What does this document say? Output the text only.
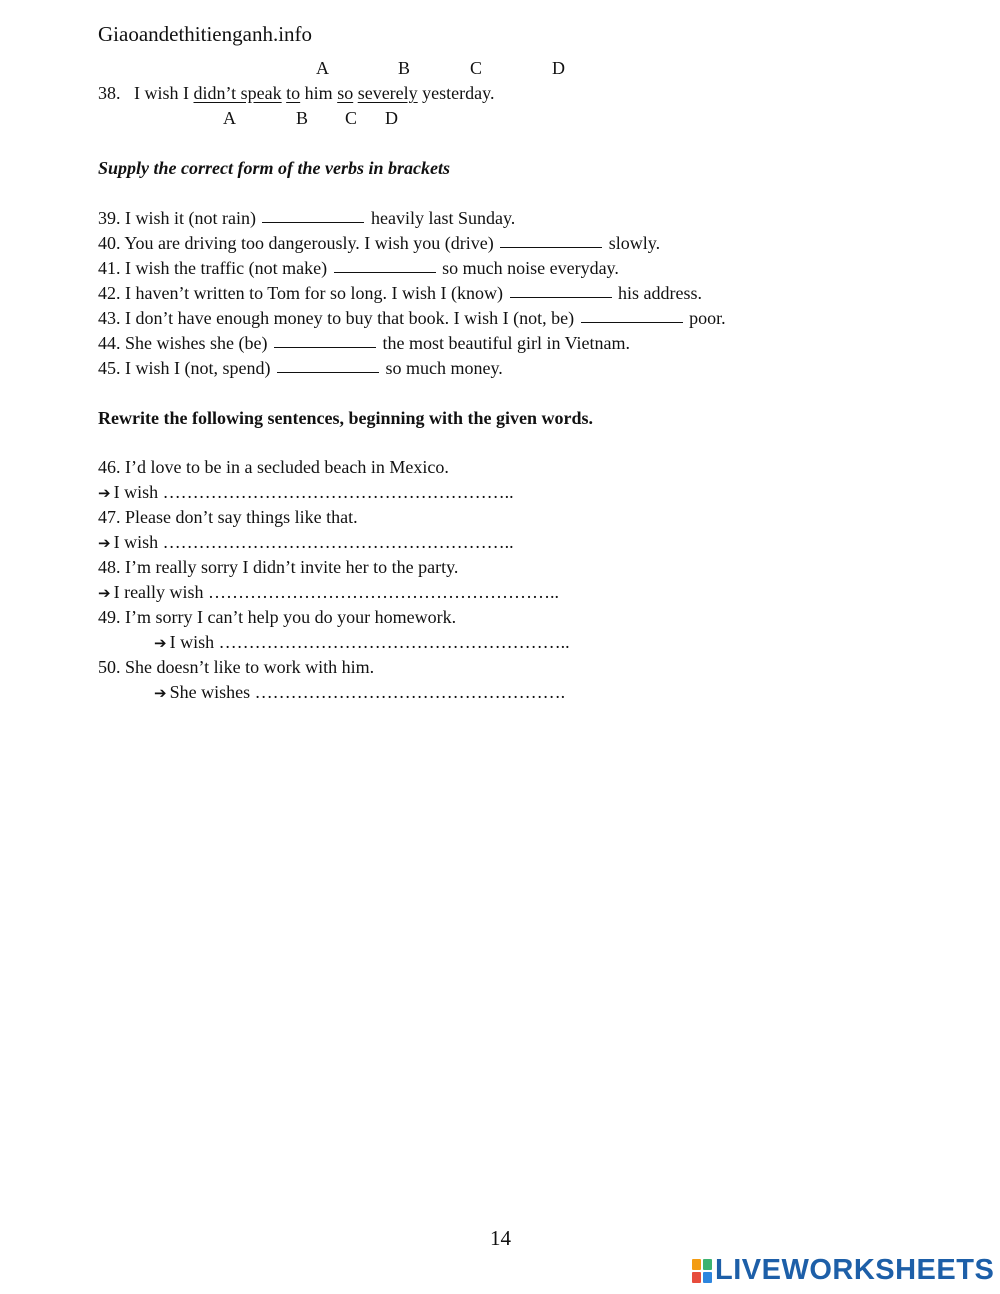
Giaoandethitienganh.info
A	B	C	D
38. I wish I didn’t speak to him so severely yesterday.
A	B C D
Supply the correct form of the verbs in brackets
39. I wish it (not rain)	heavily last Sunday.
40. You are driving too dangerously. I wish you (drive)	slowly.
41. I wish the traffic (not make)	so much noise everyday.
42. I haven’t written to Tom for so long. I wish I (know)	his address.
43. I don’t have enough money to buy that book. I wish I (not, be)	poor.
44. She wishes she (be)	the most beautiful girl in Vietnam.
45. I wish I (not, spend)	so much money.
Rewrite the following sentences, beginning with the given words.
46. I’d love to be in a secluded beach in Mexico.
➔ I wish …………………………………………………..
47. Please don’t say things like that.
➔ I wish …………………………………………………..
48. I’m really sorry I didn’t invite her to the party.
➔ I really wish …………………………………………………..
49. I’m sorry I can’t help you do your homework.
➔ I wish …………………………………………………..
50. She doesn’t like to work with him.
➔ She wishes …………………………………………….
14
LIVEWORKSHEETS
